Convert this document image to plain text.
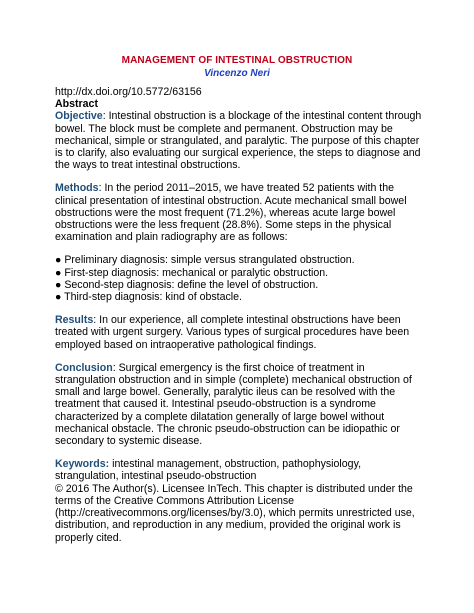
MANAGEMENT OF INTESTINAL OBSTRUCTION
Vincenzo Neri

http://dx.doi.org/10.5772/63156

Abstract

Objective: Intestinal obstruction is a blockage of the intestinal content through bowel. The block must be complete and permanent. Obstruction may be mechanical, simple or strangulated, and paralytic. The purpose of this chapter is to clarify, also evaluating our surgical experience, the steps to diagnose and the ways to treat intestinal obstructions.

Methods: In the period 2011–2015, we have treated 52 patients with the clinical presentation of intestinal obstruction. Acute mechanical small bowel obstructions were the most frequent (71.2%), whereas acute large bowel obstructions were the less frequent (28.8%). Some steps in the physical examination and plain radiography are as follows:

● Preliminary diagnosis: simple versus strangulated obstruction.
● First-step diagnosis: mechanical or paralytic obstruction.
● Second-step diagnosis: define the level of obstruction.
● Third-step diagnosis: kind of obstacle.

Results: In our experience, all complete intestinal obstructions have been treated with urgent surgery. Various types of surgical procedures have been employed based on intraoperative pathological findings.

Conclusion: Surgical emergency is the first choice of treatment in strangulation obstruction and in simple (complete) mechanical obstruction of small and large bowel. Generally, paralytic ileus can be resolved with the treatment that caused it. Intestinal pseudo-obstruction is a syndrome characterized by a complete dilatation generally of large bowel without mechanical obstacle. The chronic pseudo-obstruction can be idiopathic or secondary to systemic disease.

Keywords: intestinal management, obstruction, pathophysiology, strangulation, intestinal pseudo-obstruction

© 2016 The Author(s). Licensee InTech. This chapter is distributed under the terms of the Creative Commons Attribution License (http://creativecommons.org/licenses/by/3.0), which permits unrestricted use, distribution, and reproduction in any medium, provided the original work is properly cited.
